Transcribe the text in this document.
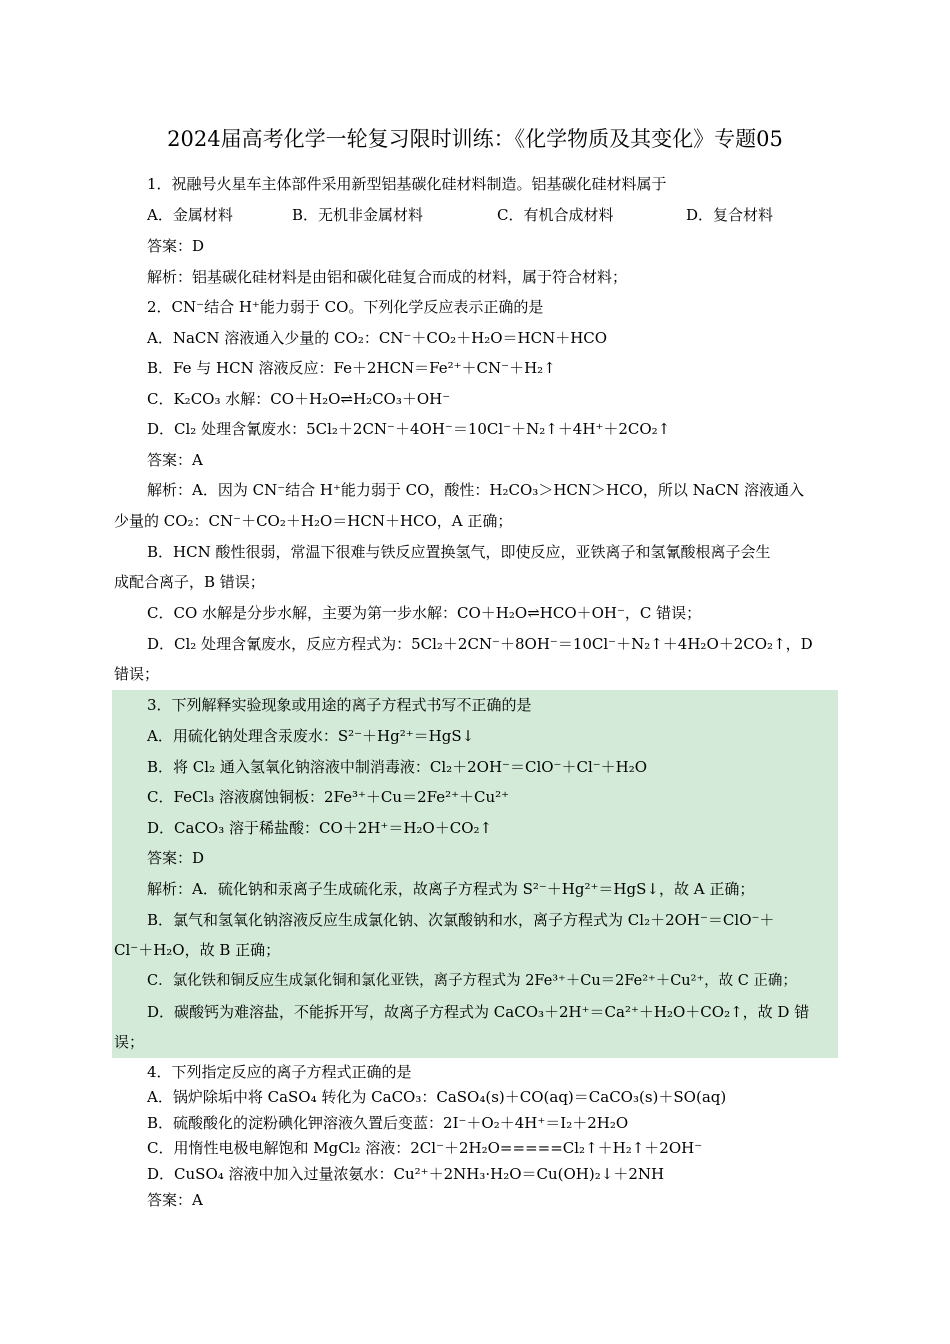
2024届高考化学一轮复习限时训练：《化学物质及其变化》专题05
1．祝融号火星车主体部件采用新型铝基碳化硅材料制造。铝基碳化硅材料属于
A．金属材料	B．无机非金属材料	C．有机合成材料	D．复合材料
答案：D
解析：铝基碳化硅材料是由铝和碳化硅复合而成的材料，属于符合材料；
2．CN⁻结合 H⁺能力弱于 CO。下列化学反应表示正确的是
A．NaCN 溶液通入少量的 CO₂：CN⁻＋CO₂＋H₂O＝HCN＋HCO
B．Fe 与 HCN 溶液反应：Fe＋2HCN＝Fe²⁺＋CN⁻＋H₂↑
C．K₂CO₃ 水解：CO＋H₂O⇌H₂CO₃＋OH⁻
D．Cl₂ 处理含氰废水：5Cl₂＋2CN⁻＋4OH⁻＝10Cl⁻＋N₂↑＋4H⁺＋2CO₂↑
答案：A
解析：A．因为 CN⁻结合 H⁺能力弱于 CO，酸性：H₂CO₃＞HCN＞HCO，所以 NaCN 溶液通入
少量的 CO₂：CN⁻＋CO₂＋H₂O＝HCN＋HCO，A 正确；
B．HCN 酸性很弱，常温下很难与铁反应置换氢气，即使反应，亚铁离子和氢氰酸根离子会生
成配合离子，B 错误；
C．CO 水解是分步水解，主要为第一步水解：CO＋H₂O⇌HCO＋OH⁻，C 错误；
D．Cl₂ 处理含氰废水，反应方程式为：5Cl₂＋2CN⁻＋8OH⁻＝10Cl⁻＋N₂↑＋4H₂O＋2CO₂↑，D
错误；
3．下列解释实验现象或用途的离子方程式书写不正确的是
A．用硫化钠处理含汞废水：S²⁻＋Hg²⁺＝HgS↓
B．将 Cl₂ 通入氢氧化钠溶液中制消毒液：Cl₂＋2OH⁻＝ClO⁻＋Cl⁻＋H₂O
C．FeCl₃ 溶液腐蚀铜板：2Fe³⁺＋Cu＝2Fe²⁺＋Cu²⁺
D．CaCO₃ 溶于稀盐酸：CO＋2H⁺＝H₂O＋CO₂↑
答案：D
解析：A．硫化钠和汞离子生成硫化汞，故离子方程式为 S²⁻＋Hg²⁺＝HgS↓，故 A 正确；
B．氯气和氢氧化钠溶液反应生成氯化钠、次氯酸钠和水，离子方程式为 Cl₂＋2OH⁻＝ClO⁻＋
Cl⁻＋H₂O，故 B 正确；
C．氯化铁和铜反应生成氯化铜和氯化亚铁，离子方程式为 2Fe³⁺＋Cu＝2Fe²⁺＋Cu²⁺，故 C 正确；
D．碳酸钙为难溶盐，不能拆开写，故离子方程式为 CaCO₃＋2H⁺＝Ca²⁺＋H₂O＋CO₂↑，故 D 错
误；
4．下列指定反应的离子方程式正确的是
A．锅炉除垢中将 CaSO₄ 转化为 CaCO₃：CaSO₄(s)＋CO(aq)＝CaCO₃(s)＋SO(aq)
B．硫酸酸化的淀粉碘化钾溶液久置后变蓝：2I⁻＋O₂＋4H⁺＝I₂＋2H₂O
C．用惰性电极电解饱和 MgCl₂ 溶液：2Cl⁻＋2H₂O=====Cl₂↑＋H₂↑＋2OH⁻
D．CuSO₄ 溶液中加入过量浓氨水：Cu²⁺＋2NH₃·H₂O＝Cu(OH)₂↓＋2NH
答案：A
